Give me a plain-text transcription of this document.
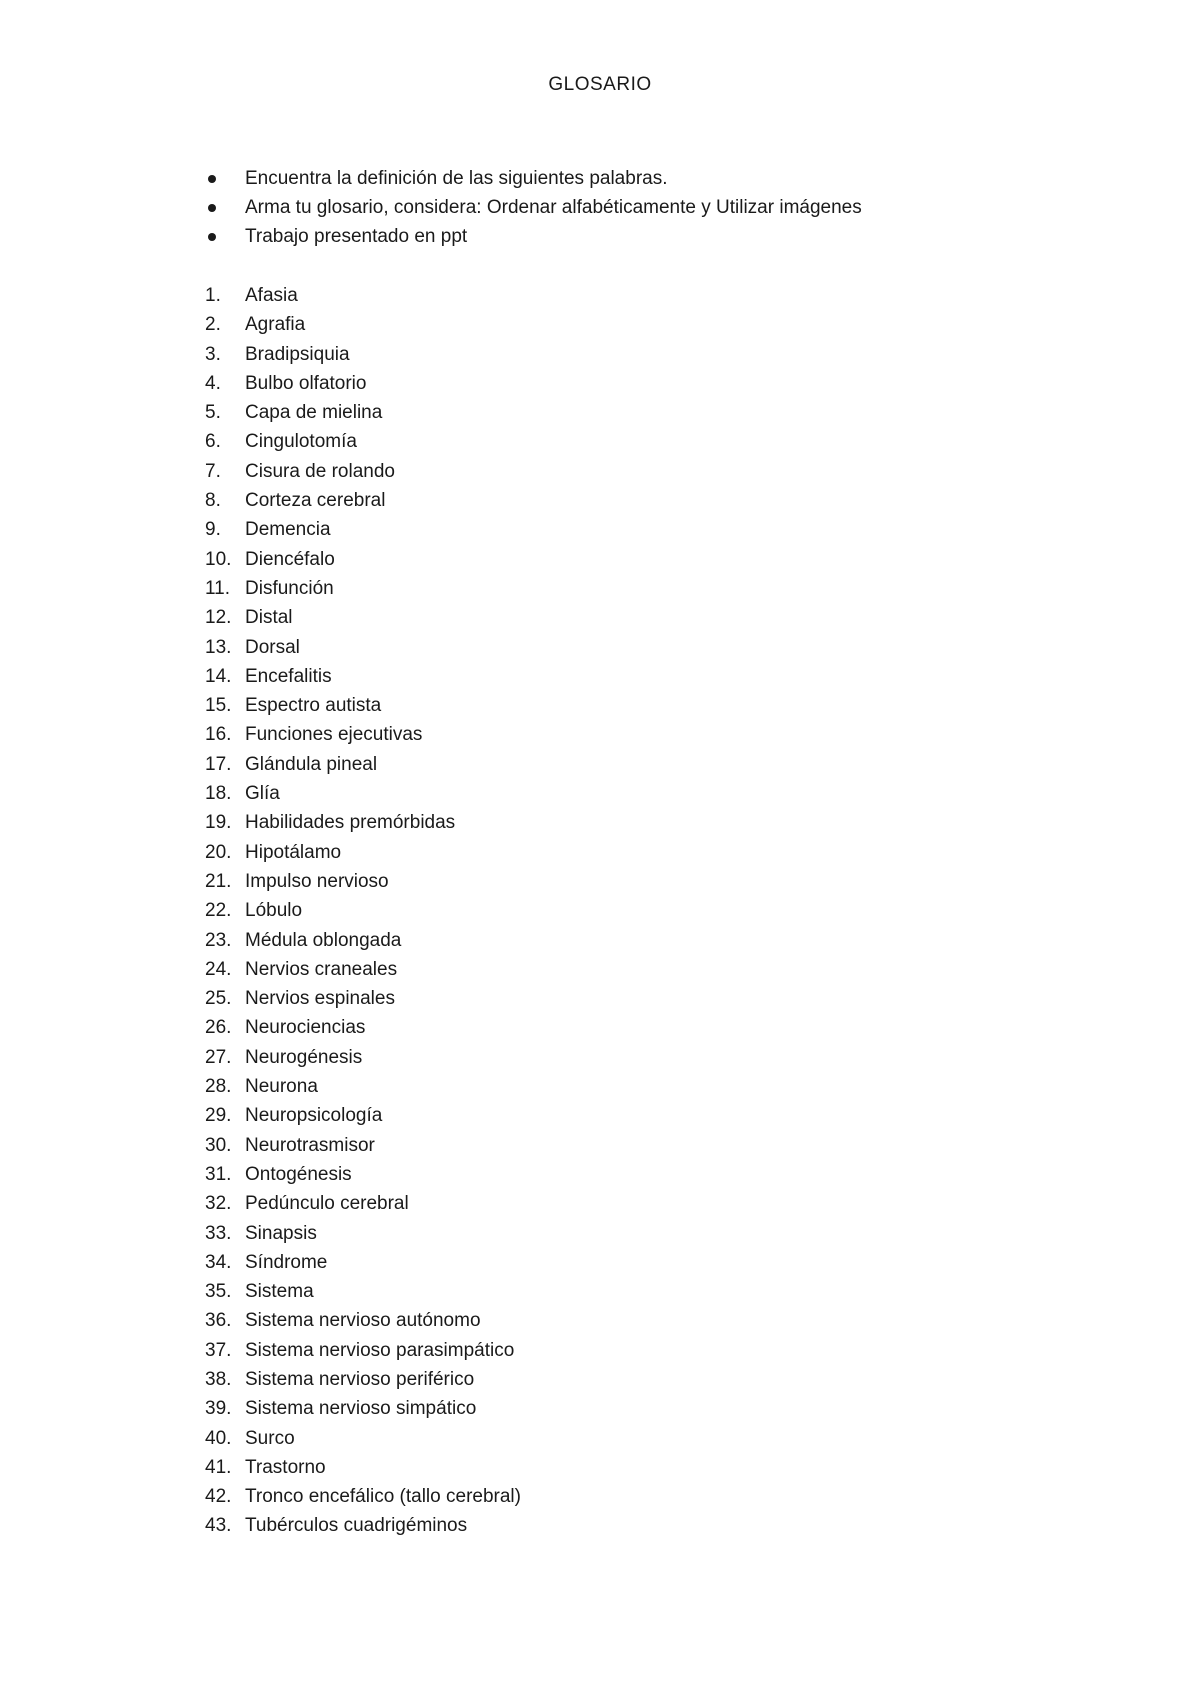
GLOSARIO
Encuentra la definición de las siguientes palabras.
Arma tu glosario, considera: Ordenar alfabéticamente y Utilizar imágenes
Trabajo presentado en ppt
1. Afasia
2. Agrafia
3. Bradipsiquia
4. Bulbo olfatorio
5. Capa de mielina
6. Cingulotomía
7. Cisura de rolando
8. Corteza cerebral
9. Demencia
10. Diencéfalo
11. Disfunción
12. Distal
13. Dorsal
14. Encefalitis
15. Espectro autista
16. Funciones ejecutivas
17. Glándula pineal
18. Glía
19. Habilidades premórbidas
20. Hipotálamo
21. Impulso nervioso
22. Lóbulo
23. Médula oblongada
24. Nervios craneales
25. Nervios espinales
26. Neurociencias
27. Neurogénesis
28. Neurona
29. Neuropsicología
30. Neurotrasmisor
31. Ontogénesis
32. Pedúnculo cerebral
33. Sinapsis
34. Síndrome
35. Sistema
36. Sistema nervioso autónomo
37. Sistema nervioso parasimpático
38. Sistema nervioso periférico
39. Sistema nervioso simpático
40. Surco
41. Trastorno
42. Tronco encefálico (tallo cerebral)
43. Tubérculos cuadrigéminos
